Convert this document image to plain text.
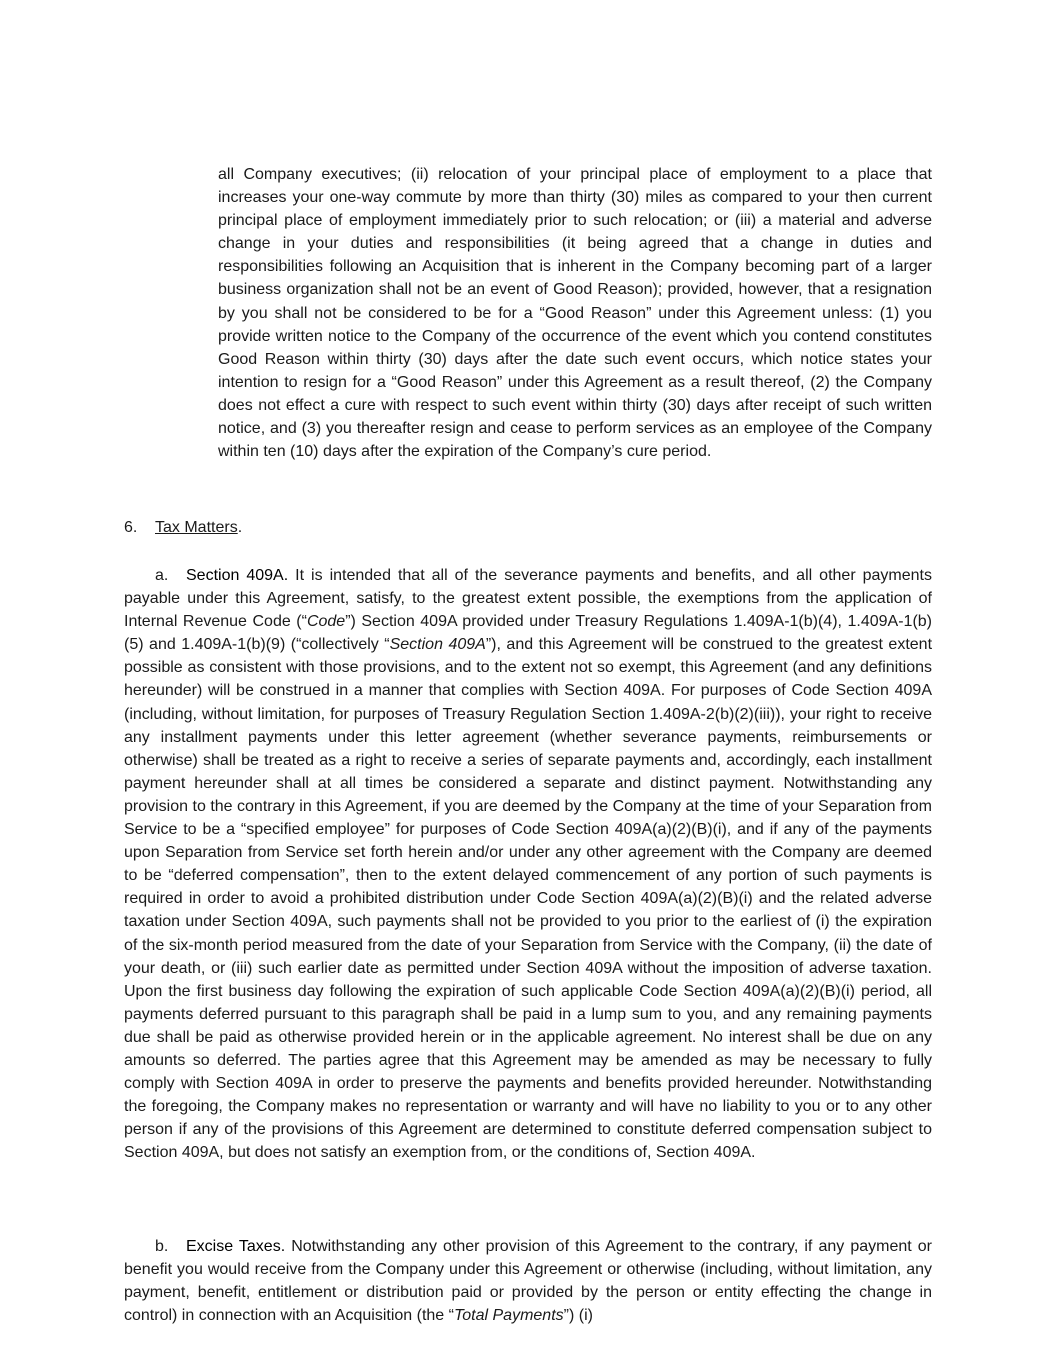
all Company executives; (ii) relocation of your principal place of employment to a place that increases your one-way commute by more than thirty (30) miles as compared to your then current principal place of employment immediately prior to such relocation; or (iii) a material and adverse change in your duties and responsibilities (it being agreed that a change in duties and responsibilities following an Acquisition that is inherent in the Company becoming part of a larger business organization shall not be an event of Good Reason); provided, however, that a resignation by you shall not be considered to be for a “Good Reason” under this Agreement unless: (1) you provide written notice to the Company of the occurrence of the event which you contend constitutes Good Reason within thirty (30) days after the date such event occurs, which notice states your intention to resign for a “Good Reason” under this Agreement as a result thereof, (2) the Company does not effect a cure with respect to such event within thirty (30) days after receipt of such written notice, and (3) you thereafter resign and cease to perform services as an employee of the Company within ten (10) days after the expiration of the Company’s cure period.

6. Tax Matters.

a. Section 409A. It is intended that all of the severance payments and benefits, and all other payments payable under this Agreement, satisfy, to the greatest extent possible, the exemptions from the application of Internal Revenue Code (“Code”) Section 409A provided under Treasury Regulations 1.409A-1(b)(4), 1.409A-1(b)(5) and 1.409A-1(b)(9) (“collectively “Section 409A”), and this Agreement will be construed to the greatest extent possible as consistent with those provisions, and to the extent not so exempt, this Agreement (and any definitions hereunder) will be construed in a manner that complies with Section 409A. For purposes of Code Section 409A (including, without limitation, for purposes of Treasury Regulation Section 1.409A-2(b)(2)(iii)), your right to receive any installment payments under this letter agreement (whether severance payments, reimbursements or otherwise) shall be treated as a right to receive a series of separate payments and, accordingly, each installment payment hereunder shall at all times be considered a separate and distinct payment. Notwithstanding any provision to the contrary in this Agreement, if you are deemed by the Company at the time of your Separation from Service to be a “specified employee” for purposes of Code Section 409A(a)(2)(B)(i), and if any of the payments upon Separation from Service set forth herein and/or under any other agreement with the Company are deemed to be “deferred compensation”, then to the extent delayed commencement of any portion of such payments is required in order to avoid a prohibited distribution under Code Section 409A(a)(2)(B)(i) and the related adverse taxation under Section 409A, such payments shall not be provided to you prior to the earliest of (i) the expiration of the six-month period measured from the date of your Separation from Service with the Company, (ii) the date of your death, or (iii) such earlier date as permitted under Section 409A without the imposition of adverse taxation. Upon the first business day following the expiration of such applicable Code Section 409A(a)(2)(B)(i) period, all payments deferred pursuant to this paragraph shall be paid in a lump sum to you, and any remaining payments due shall be paid as otherwise provided herein or in the applicable agreement. No interest shall be due on any amounts so deferred. The parties agree that this Agreement may be amended as may be necessary to fully comply with Section 409A in order to preserve the payments and benefits provided hereunder. Notwithstanding the foregoing, the Company makes no representation or warranty and will have no liability to you or to any other person if any of the provisions of this Agreement are determined to constitute deferred compensation subject to Section 409A, but does not satisfy an exemption from, or the conditions of, Section 409A.

b. Excise Taxes. Notwithstanding any other provision of this Agreement to the contrary, if any payment or benefit you would receive from the Company under this Agreement or otherwise (including, without limitation, any payment, benefit, entitlement or distribution paid or provided by the person or entity effecting the change in control) in connection with an Acquisition (the “Total Payments”) (i)
